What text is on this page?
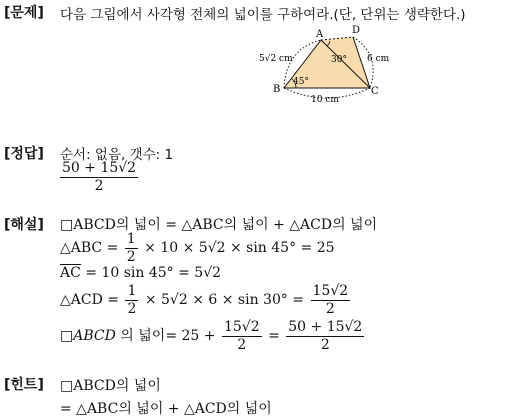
[문제] 다음 그림에서 사각형 전체의 넓이를 구하여라.(단, 단위는 생략한다.)
A
B	C
D
5√2 cm
10 cm
6 cm
45°
30°
[정답] 순서: 없음, 갯수: 1
$\frac{50 + 15√2}{2}$
[해설] □ABCD의 넓이 = △ABC의 넓이 + △ACD의 넓이
△ABC = $\frac{1}{2} \times 10 \times 5√2 \times \sin 45^\circ = 25$
AC = 10 sin 45° = 5√2
△ACD = $\frac{1}{2} \times 5√2 \times 6 \times \sin 30^\circ = \frac{15√2}{2}$
□ABCD 의 넓이= $25 + \frac{15√2}{2} = \frac{50 + 15√2}{2}$
[힌트] □ABCD의 넓이
= △ABC의 넓이 + △ACD의 넓이
